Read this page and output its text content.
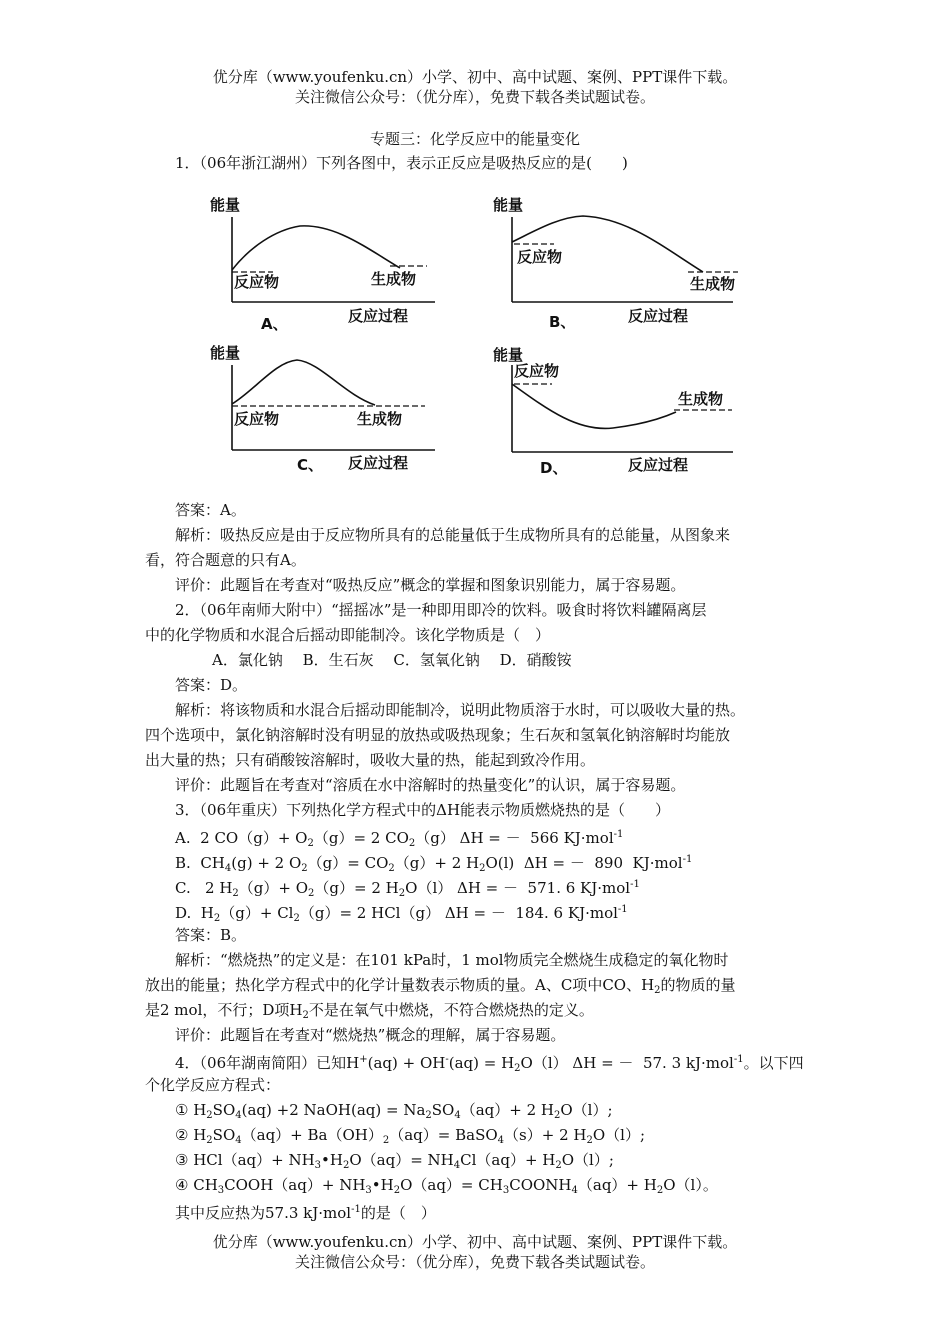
优分库（www.youfenku.cn）小学、初中、高中试题、案例、PPT课件下载。
关注微信公众号：（优分库），免费下载各类试题试卷。
专题三：化学反应中的能量变化
1．（06年浙江湖州）下列各图中，表示正反应是吸热反应的是(　　)
能量
反应物	生成物
A、	反应过程
能量
反应物
生成物
B、	反应过程
能量
反应物	生成物
C、 反应过程
能量
反应物
生成物
D、	反应过程
答案：A。
解析：吸热反应是由于反应物所具有的总能量低于生成物所具有的总能量，从图象来
看，符合题意的只有A。
评价：此题旨在考查对“吸热反应”概念的掌握和图象识别能力，属于容易题。
2．（06年南师大附中）“摇摇冰”是一种即用即冷的饮料。吸食时将饮料罐隔离层
中的化学物质和水混合后摇动即能制冷。该化学物质是（　）
A．氯化钠　 B．生石灰　 C．氢氧化钠　 D．硝酸铵
答案：D。
解析：将该物质和水混合后摇动即能制冷，说明此物质溶于水时，可以吸收大量的热。
四个选项中，氯化钠溶解时没有明显的放热或吸热现象；生石灰和氢氧化钠溶解时均能放
出大量的热；只有硝酸铵溶解时，吸收大量的热，能起到致冷作用。
评价：此题旨在考查对“溶质在水中溶解时的热量变化”的认识，属于容易题。
3．（06年重庆）下列热化学方程式中的ΔH能表示物质燃烧热的是（　　）
A.  2 $CO(g)+ O_2(g)= 2$ $CO_2(g) \Delta H$ = －  566 KJ·mol$^{-1}$
B.  $CH_4(g) + 2$ $O_2(g)= CO_2(g)+ 2$ $H_2O(l) \Delta H$ = －  890  KJ·mol$^{-1}$
C.   2 $H_2(g)+ O_2(g)= 2$ $H_2O(l) \Delta H$ = －  571. 6 KJ·mol$^{-1}$
D.  $H_2(g)+ Cl_2(g)= 2$ HCl（g） ΔH = －  184. 6 KJ·mol$^{-1}$
答案：B。
解析：“燃烧热”的定义是：在101 kPa时，1 mol物质完全燃烧生成稳定的氧化物时
放出的能量；热化学方程式中的化学计量数表示物质的量。A、C项中CO、$H_2$的物质的量
是2 mol，不行；D项$H_2$不是在氧气中燃烧，不符合燃烧热的定义。
评价：此题旨在考查对“燃烧热”概念的理解，属于容易题。
4．（06年湖南简阳）已知$H^+(aq) + OH^-(aq) = H_2O(l) \Delta H$ = －  57. 3 kJ·mol$^{-1}$。以下四
个化学反应方程式：
① $H_2SO_4(aq) +2$ NaOH(aq) = $Na_2SO_4(aq)+ 2$ $H_2O(l)$;
② $H_2SO_4(aq)+ Ba(OH)_2(aq)=$ BaSO$_4$（s）+ 2 $H_2O(l)$;
③ $HCl(aq)+ NH_3•H_2O(aq)= NH_4Cl(aq)+ H_2O(l)$;
④ $CH_3COOH(aq)+$ $NH_3•H_2O(aq)=$ $CH_3COONH_4(aq)+ H_2O(l)$。
其中反应热为57.3 kJ·mol$^{-1}$的是（　）
优分库（www.youfenku.cn）小学、初中、高中试题、案例、PPT课件下载。
关注微信公众号：（优分库），免费下载各类试题试卷。
